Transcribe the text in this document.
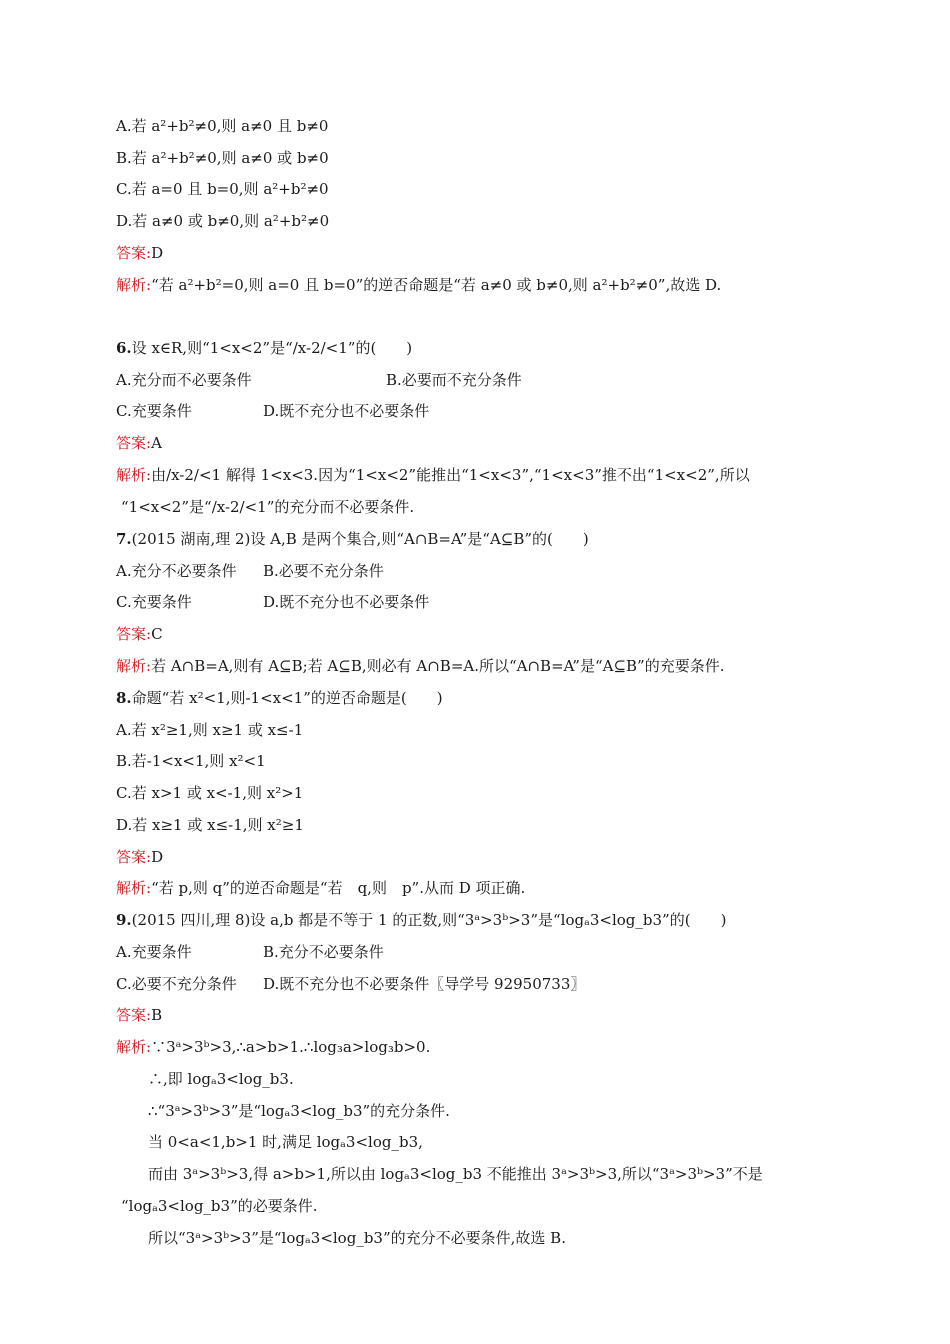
A.若 a²+b²≠0,则 a≠0 且 b≠0
B.若 a²+b²≠0,则 a≠0 或 b≠0
C.若 a=0 且 b=0,则 a²+b²≠0
D.若 a≠0 或 b≠0,则 a²+b²≠0
答案:D
解析:“若 a²+b²=0,则 a=0 且 b=0”的逆否命题是“若 a≠0 或 b≠0,则 a²+b²≠0”,故选 D.
6.设 x∈R,则“1<x<2”是“/x-2/<1”的(　　)
A.充分而不必要条件	B.必要而不充分条件
C.充要条件	D.既不充分也不必要条件
答案:A
解析:由/x-2/<1 解得 1<x<3.因为“1<x<2”能推出“1<x<3”,“1<x<3”推不出“1<x<2”,所以
“1<x<2”是“/x-2/<1”的充分而不必要条件.
7.(2015 湖南,理 2)设 A,B 是两个集合,则“A∩B=A”是“A⊆B”的(　　)
A.充分不必要条件 B.必要不充分条件
C.充要条件	D.既不充分也不必要条件
答案:C
解析:若 A∩B=A,则有 A⊆B;若 A⊆B,则必有 A∩B=A.所以“A∩B=A”是“A⊆B”的充要条件.
8.命题“若 x²<1,则-1<x<1”的逆否命题是(　　)
A.若 x²≥1,则 x≥1 或 x≤-1
B.若-1<x<1,则 x²<1
C.若 x>1 或 x<-1,则 x²>1
D.若 x≥1 或 x≤-1,则 x²≥1
答案:D
解析:“若 p,则 q”的逆否命题是“若　q,则　p”.从而 D 项正确.
9.(2015 四川,理 8)设 a,b 都是不等于 1 的正数,则“3ᵃ>3ᵇ>3”是“logₐ3<log_b3”的(　　)
A.充要条件	B.充分不必要条件
C.必要不充分条件 D.既不充分也不必要条件〖导学号 92950733〗
答案:B
解析:∵3ᵃ>3ᵇ>3,∴a>b>1.∴log₃a>log₃b>0.
∴,即 logₐ3<log_b3.
∴“3ᵃ>3ᵇ>3”是“logₐ3<log_b3”的充分条件.
当 0<a<1,b>1 时,满足 logₐ3<log_b3,
而由 3ᵃ>3ᵇ>3,得 a>b>1,所以由 logₐ3<log_b3 不能推出 3ᵃ>3ᵇ>3,所以“3ᵃ>3ᵇ>3”不是
“logₐ3<log_b3”的必要条件.
所以“3ᵃ>3ᵇ>3”是“logₐ3<log_b3”的充分不必要条件,故选 B.
